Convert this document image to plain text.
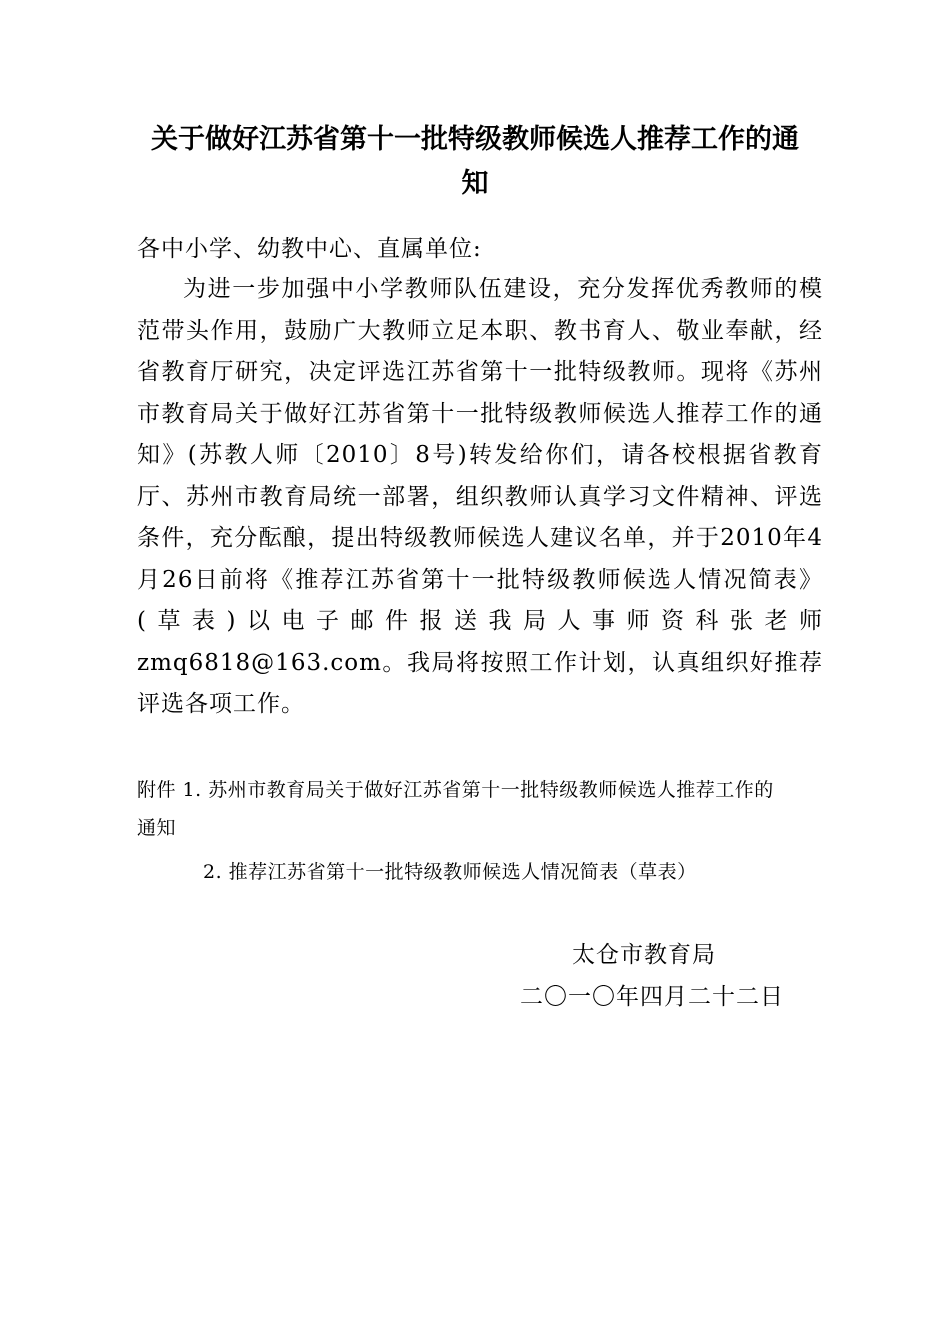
关于做好江苏省第十一批特级教师候选人推荐工作的通
知

各中小学、幼教中心、直属单位:

为进一步加强中小学教师队伍建设，充分发挥优秀教师的模范带头作用，鼓励广大教师立足本职、教书育人、敬业奉献，经省教育厅研究，决定评选江苏省第十一批特级教师。现将《苏州市教育局关于做好江苏省第十一批特级教师候选人推荐工作的通知》(苏教人师〔2010〕8号)转发给你们，请各校根据省教育厅、苏州市教育局统一部署，组织教师认真学习文件精神、评选条件，充分酝酿，提出特级教师候选人建议名单，并于2010年4月26日前将《推荐江苏省第十一批特级教师候选人情况简表》(草表)以电子邮件报送我局人事师资科张老师zmq6818@163.com。我局将按照工作计划，认真组织好推荐评选各项工作。

附件 1. 苏州市教育局关于做好江苏省第十一批特级教师候选人推荐工作的

通知

2. 推荐江苏省第十一批特级教师候选人情况简表（草表）

太仓市教育局

二〇一〇年四月二十二日
